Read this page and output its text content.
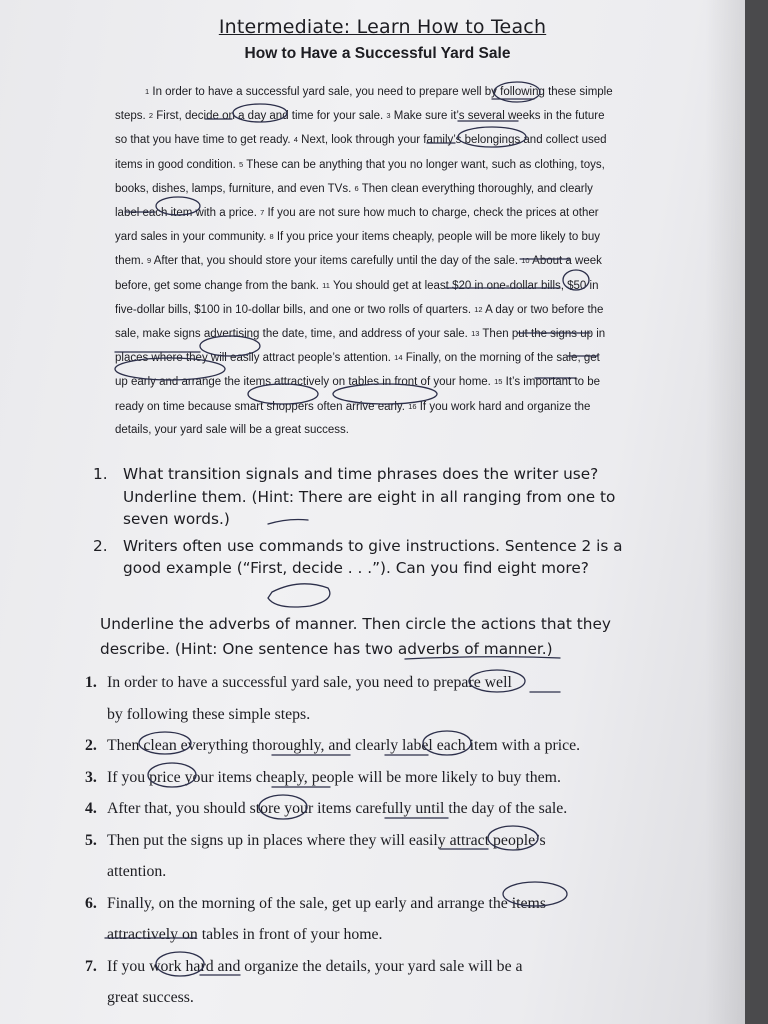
Intermediate: Learn How to Teach
How to Have a Successful Yard Sale
$^1$ In order to have a successful yard sale, you need to prepare well by following these simple steps. $^2$ First, decide on a day and time for your sale. $^3$ Make sure it’s several weeks in the future so that you have time to get ready. $^4$ Next, look through your family’s belongings and collect used items in good condition. $^5$ These can be anything that you no longer want, such as clothing, toys, books, dishes, lamps, furniture, and even TVs. $^6$ Then clean everything thoroughly, and clearly label each item with a price. $^7$ If you are not sure how much to charge, check the prices at other yard sales in your community. $^8$ If you price your items cheaply, people will be more likely to buy them. $^9$ After that, you should store your items carefully until the day of the sale. $^{10}$ About a week before, get some change from the bank. $^{11}$ You should get at least $20 in one-dollar bills, $50 in five-dollar bills, $100 in 10-dollar bills, and one or two rolls of quarters. $^{12}$ A day or two before the sale, make signs advertising the date, time, and address of your sale. $^{13}$ Then put the signs up in places where they will easily attract people’s attention. $^{14}$ Finally, on the morning of the sale, get up early and arrange the items attractively on tables in front of your home. $^{15}$ It’s important to be ready on time because smart shoppers often arrive early. $^{16}$ If you work hard and organize the details, your yard sale will be a great success.
1.	What transition signals and time phrases does the writer use? Underline them. (Hint: There are eight in all ranging from one to seven words.)
2.	Writers often use commands to give instructions. Sentence 2 is a good example (“First, decide . . .”). Can you find eight more?
Underline the adverbs of manner. Then circle the actions that they describe. (Hint: One sentence has two adverbs of manner.)
1. In order to have a successful yard sale, you need to prepare well
by following these simple steps.
2. Then clean everything thoroughly, and clearly label each item with a price.
3. If you price your items cheaply, people will be more likely to buy them.
4. After that, you should store your items carefully until the day of the sale.
5. Then put the signs up in places where they will easily attract people’s
attention.
6. Finally, on the morning of the sale, get up early and arrange the items
attractively on tables in front of your home.
7. If you work hard and organize the details, your yard sale will be a
great success.
